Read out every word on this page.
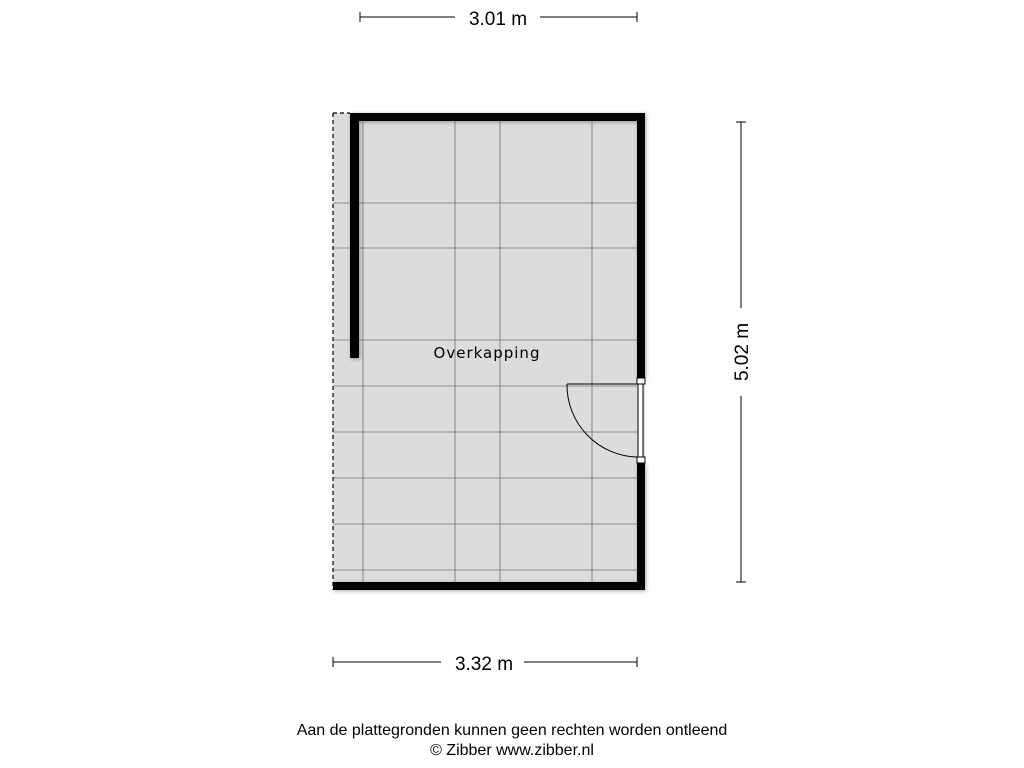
3.01 m
5.02 m
3.32 m
Overkapping
Aan de plattegronden kunnen geen rechten worden ontleend
© Zibber www.zibber.nl
